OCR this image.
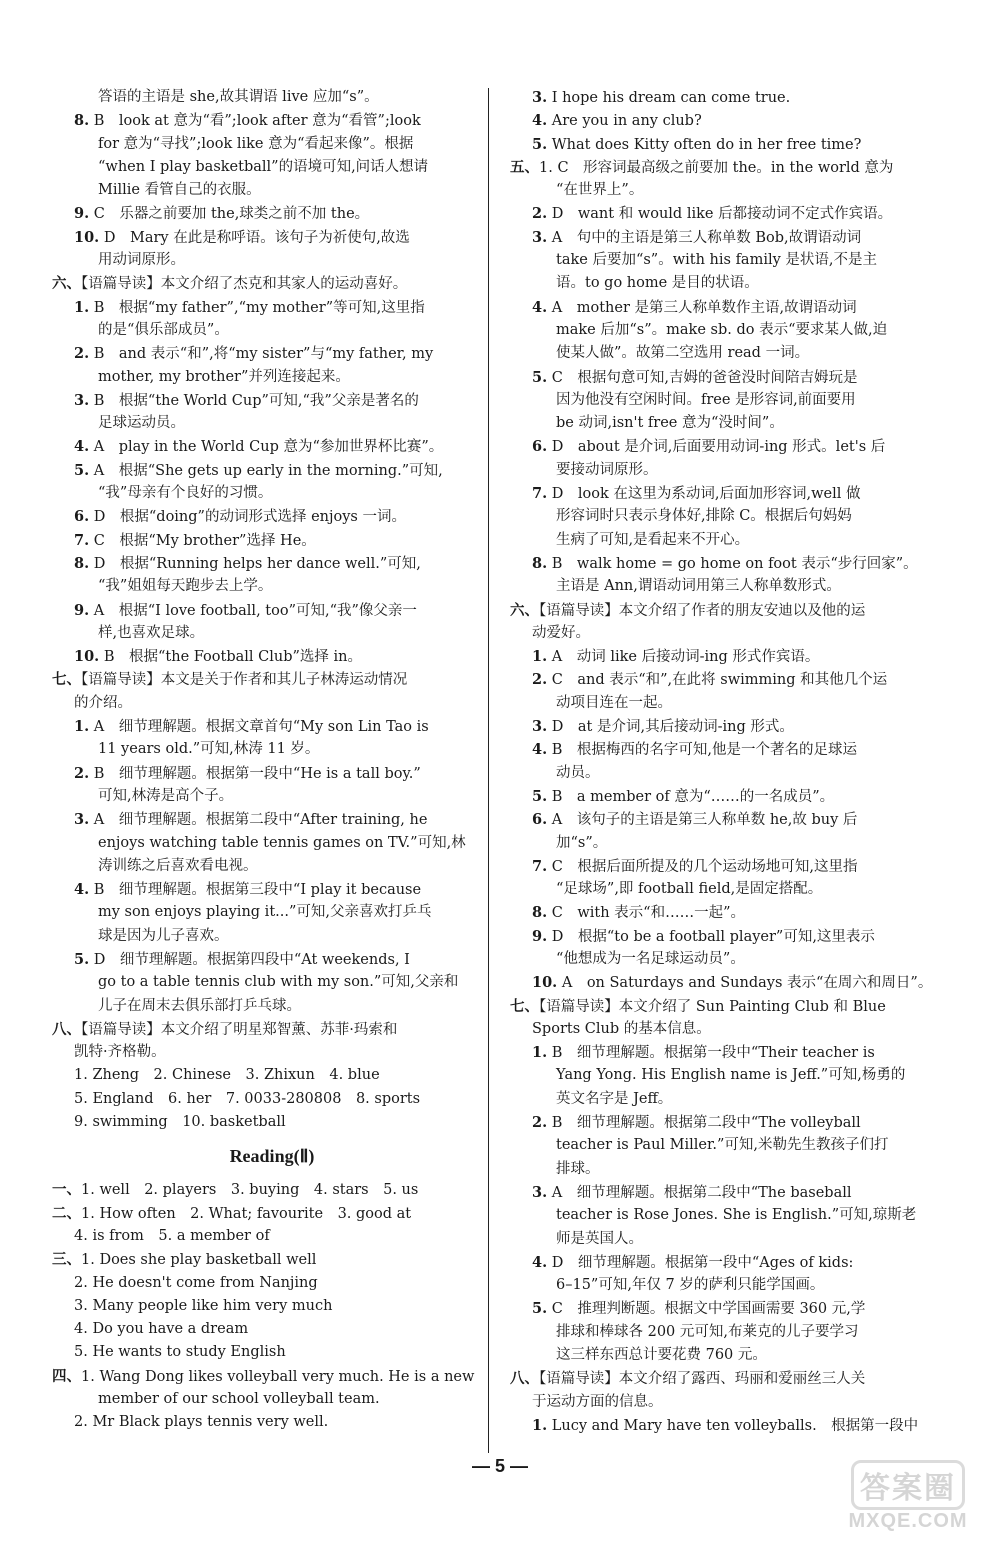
答语的主语是 she,故其谓语 live 应加“s”。
8. B　look at 意为“看”;look after 意为“看管”;look
for 意为“寻找”;look like 意为“看起来像”。根据
“when I play basketball”的语境可知,问话人想请
Millie 看管自己的衣服。
9. C　乐器之前要加 the,球类之前不加 the。
10. D　Mary 在此是称呼语。该句子为祈使句,故选
用动词原形。
六、【语篇导读】本文介绍了杰克和其家人的运动喜好。
1. B　根据“my father”,“my mother”等可知,这里指
的是“俱乐部成员”。
2. B　and 表示“和”,将“my sister”与“my father, my
mother, my brother”并列连接起来。
3. B　根据“the World Cup”可知,“我”父亲是著名的
足球运动员。
4. A　play in the World Cup 意为“参加世界杯比赛”。
5. A　根据“She gets up early in the morning.”可知,
“我”母亲有个良好的习惯。
6. D　根据“doing”的动词形式选择 enjoys 一词。
7. C　根据“My brother”选择 He。
8. D　根据“Running helps her dance well.”可知,
“我”姐姐每天跑步去上学。
9. A　根据“I love football, too”可知,“我”像父亲一
样,也喜欢足球。
10. B　根据“the Football Club”选择 in。
七、【语篇导读】本文是关于作者和其儿子林涛运动情况
的介绍。
1. A　细节理解题。根据文章首句“My son Lin Tao is
11 years old.”可知,林涛 11 岁。
2. B　细节理解题。根据第一段中“He is a tall boy.”
可知,林涛是高个子。
3. A　细节理解题。根据第二段中“After training, he
enjoys watching table tennis games on TV.”可知,林
涛训练之后喜欢看电视。
4. B　细节理解题。根据第三段中“I play it because
my son enjoys playing it...”可知,父亲喜欢打乒乓
球是因为儿子喜欢。
5. D　细节理解题。根据第四段中“At weekends, I
go to a table tennis club with my son.”可知,父亲和
儿子在周末去俱乐部打乒乓球。
八、【语篇导读】本文介绍了明星郑智薰、苏菲·玛索和
凯特·齐格勒。
1. Zheng　2. Chinese　3. Zhixun　4. blue
5. England　6. her　7. 0033-280808　8. sports
9. swimming　10. basketball
Reading(Ⅱ)
一、1. well　2. players　3. buying　4. stars　5. us
二、1. How often　2. What; favourite　3. good at
4. is from　5. a member of
三、1. Does she play basketball well
2. He doesn't come from Nanjing
3. Many people like him very much
4. Do you have a dream
5. He wants to study English
四、1. Wang Dong likes volleyball very much. He is a new
member of our school volleyball team.
2. Mr Black plays tennis very well.
3. I hope his dream can come true.
4. Are you in any club?
5. What does Kitty often do in her free time?
五、1. C　形容词最高级之前要加 the。in the world 意为
“在世界上”。
2. D　want 和 would like 后都接动词不定式作宾语。
3. A　句中的主语是第三人称单数 Bob,故谓语动词
take 后要加“s”。with his family 是状语,不是主
语。to go home 是目的状语。
4. A　mother 是第三人称单数作主语,故谓语动词
make 后加“s”。make sb. do 表示“要求某人做,迫
使某人做”。故第二空选用 read 一词。
5. C　根据句意可知,吉姆的爸爸没时间陪吉姆玩是
因为他没有空闲时间。free 是形容词,前面要用
be 动词,isn't free 意为“没时间”。
6. D　about 是介词,后面要用动词-ing 形式。let's 后
要接动词原形。
7. D　look 在这里为系动词,后面加形容词,well 做
形容词时只表示身体好,排除 C。根据后句妈妈
生病了可知,是看起来不开心。
8. B　walk home = go home on foot 表示“步行回家”。
主语是 Ann,谓语动词用第三人称单数形式。
六、【语篇导读】本文介绍了作者的朋友安迪以及他的运
动爱好。
1. A　动词 like 后接动词-ing 形式作宾语。
2. C　and 表示“和”,在此将 swimming 和其他几个运
动项目连在一起。
3. D　at 是介词,其后接动词-ing 形式。
4. B　根据梅西的名字可知,他是一个著名的足球运
动员。
5. B　a member of 意为“……的一名成员”。
6. A　该句子的主语是第三人称单数 he,故 buy 后
加“s”。
7. C　根据后面所提及的几个运动场地可知,这里指
“足球场”,即 football field,是固定搭配。
8. C　with 表示“和……一起”。
9. D　根据“to be a football player”可知,这里表示
“他想成为一名足球运动员”。
10. A　on Saturdays and Sundays 表示“在周六和周日”。
七、【语篇导读】本文介绍了 Sun Painting Club 和 Blue
Sports Club 的基本信息。
1. B　细节理解题。根据第一段中“Their teacher is
Yang Yong. His English name is Jeff.”可知,杨勇的
英文名字是 Jeff。
2. B　细节理解题。根据第二段中“The volleyball
teacher is Paul Miller.”可知,米勒先生教孩子们打
排球。
3. A　细节理解题。根据第二段中“The baseball
teacher is Rose Jones. She is English.”可知,琼斯老
师是英国人。
4. D　细节理解题。根据第一段中“Ages of kids:
6–15”可知,年仅 7 岁的萨利只能学国画。
5. C　推理判断题。根据文中学国画需要 360 元,学
排球和棒球各 200 元可知,布莱克的儿子要学习
这三样东西总计要花费 760 元。
八、【语篇导读】本文介绍了露西、玛丽和爱丽丝三人关
于运动方面的信息。
1. Lucy and Mary have ten volleyballs.　根据第一段中
— 5 —
答案圈
MXQE.COM
